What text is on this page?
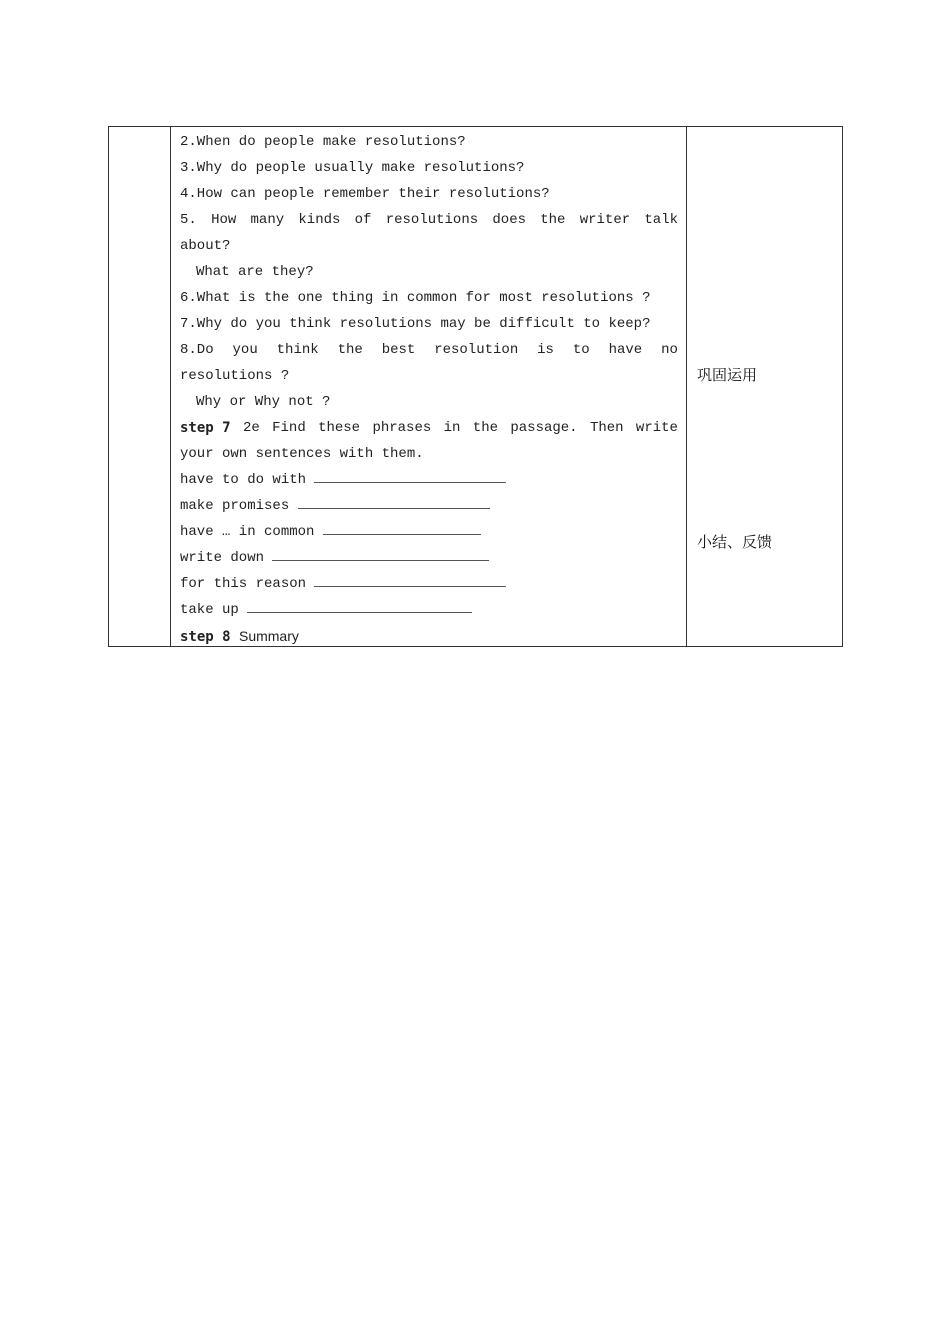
2.When do people make resolutions?
3.Why do people usually make resolutions?
4.How can people remember their resolutions?
5. How many kinds of resolutions does the writer talk
about?
What are they?
6.What is the one thing in common for most resolutions ?
7.Why do you think resolutions may be difficult to keep?
8.Do you think the best resolution is to have no
resolutions ?
Why or Why not ?
step 7 2e Find these phrases in the passage. Then write
your own sentences with them.
have to do with
make promises
have … in common
write down
for this reason
take up
step 8 Summary
巩固运用
小结、反馈
